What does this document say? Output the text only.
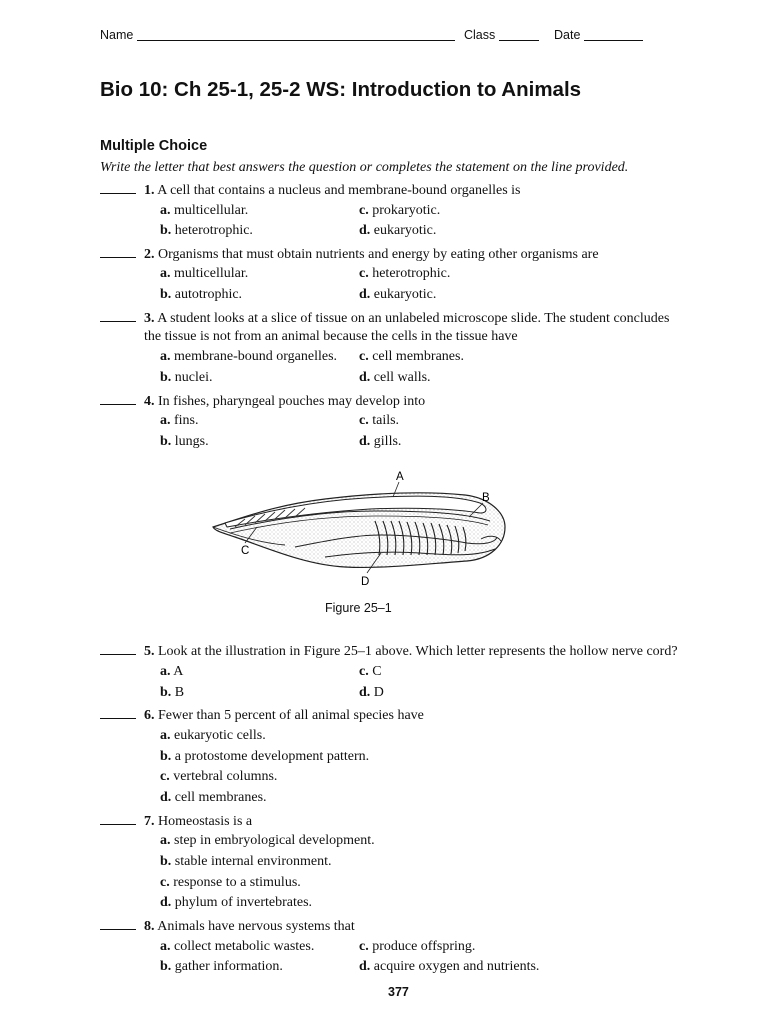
Name	Class	Date
Bio 10: Ch 25-1, 25-2 WS: Introduction to Animals
Multiple Choice
Write the letter that best answers the question or completes the statement on the line provided.
1. A cell that contains a nucleus and membrane-bound organelles is
a. multicellular.	c. prokaryotic.
b. heterotrophic.	d. eukaryotic.
2. Organisms that must obtain nutrients and energy by eating other organisms are
a. multicellular.	c. heterotrophic.
b. autotrophic.	d. eukaryotic.
3. A student looks at a slice of tissue on an unlabeled microscope slide. The student concludes
the tissue is not from an animal because the cells in the tissue have
a. membrane-bound organelles. c. cell membranes.
b. nuclei.	d. cell walls.
4. In fishes, pharyngeal pouches may develop into
a. fins.	c. tails.
b. lungs.	d. gills.
A
B
C
D
Figure 25–1
5. Look at the illustration in Figure 25–1 above. Which letter represents the hollow nerve cord?
a. A	c. C
b. B	d. D
6. Fewer than 5 percent of all animal species have
a. eukaryotic cells.
b. a protostome development pattern.
c. vertebral columns.
d. cell membranes.
7. Homeostasis is a
a. step in embryological development.
b. stable internal environment.
c. response to a stimulus.
d. phylum of invertebrates.
8. Animals have nervous systems that
a. collect metabolic wastes.	c. produce offspring.
b. gather information.	d. acquire oxygen and nutrients.
377
